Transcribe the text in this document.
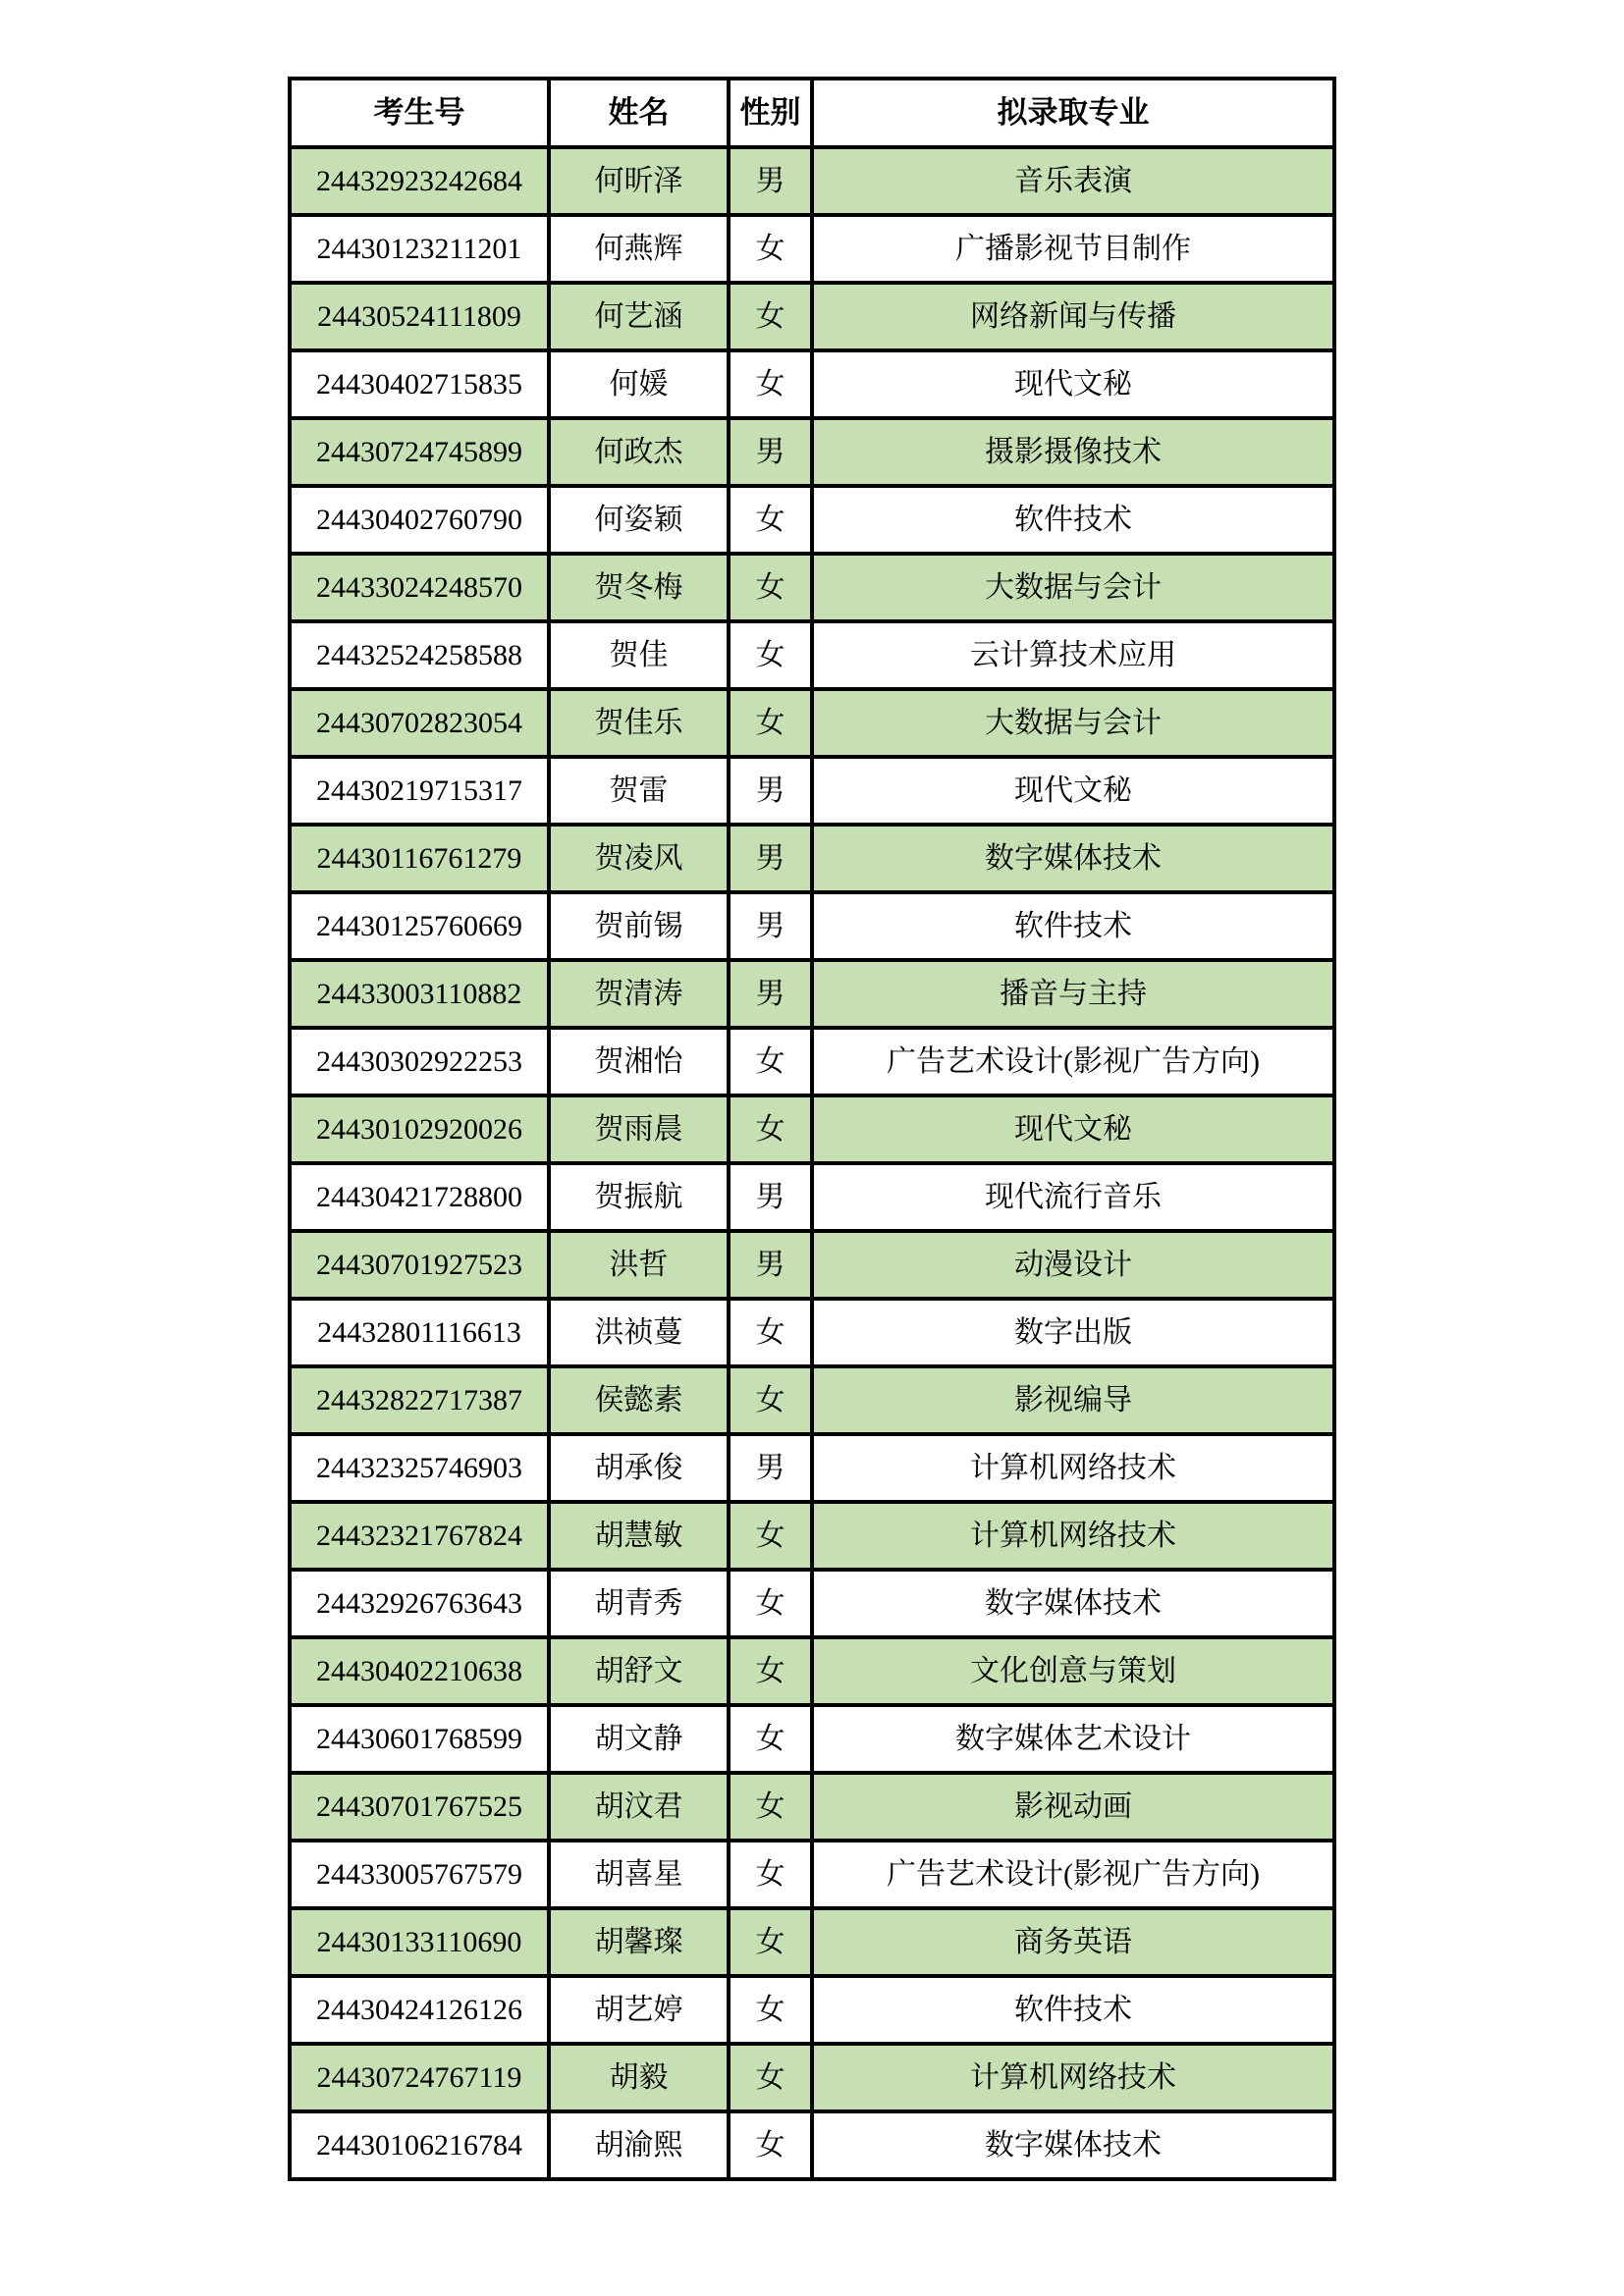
考生号	姓名	性别	拟录取专业
24432923242684	何昕泽	男	音乐表演
24430123211201	何燕辉	女	广播影视节目制作
24430524111809	何艺涵	女	网络新闻与传播
24430402715835	何媛	女	现代文秘
24430724745899	何政杰	男	摄影摄像技术
24430402760790	何姿颖	女	软件技术
24433024248570	贺冬梅	女	大数据与会计
24432524258588	贺佳	女	云计算技术应用
24430702823054	贺佳乐	女	大数据与会计
24430219715317	贺雷	男	现代文秘
24430116761279	贺凌风	男	数字媒体技术
24430125760669	贺前锡	男	软件技术
24433003110882	贺清涛	男	播音与主持
24430302922253	贺湘怡	女	广告艺术设计(影视广告方向)
24430102920026	贺雨晨	女	现代文秘
24430421728800	贺振航	男	现代流行音乐
24430701927523	洪哲	男	动漫设计
24432801116613	洪祯蔓	女	数字出版
24432822717387	侯懿素	女	影视编导
24432325746903	胡承俊	男	计算机网络技术
24432321767824	胡慧敏	女	计算机网络技术
24432926763643	胡青秀	女	数字媒体技术
24430402210638	胡舒文	女	文化创意与策划
24430601768599	胡文静	女	数字媒体艺术设计
24430701767525	胡汶君	女	影视动画
24433005767579	胡喜星	女	广告艺术设计(影视广告方向)
24430133110690	胡馨璨	女	商务英语
24430424126126	胡艺婷	女	软件技术
24430724767119	胡毅	女	计算机网络技术
24430106216784	胡渝熙	女	数字媒体技术
